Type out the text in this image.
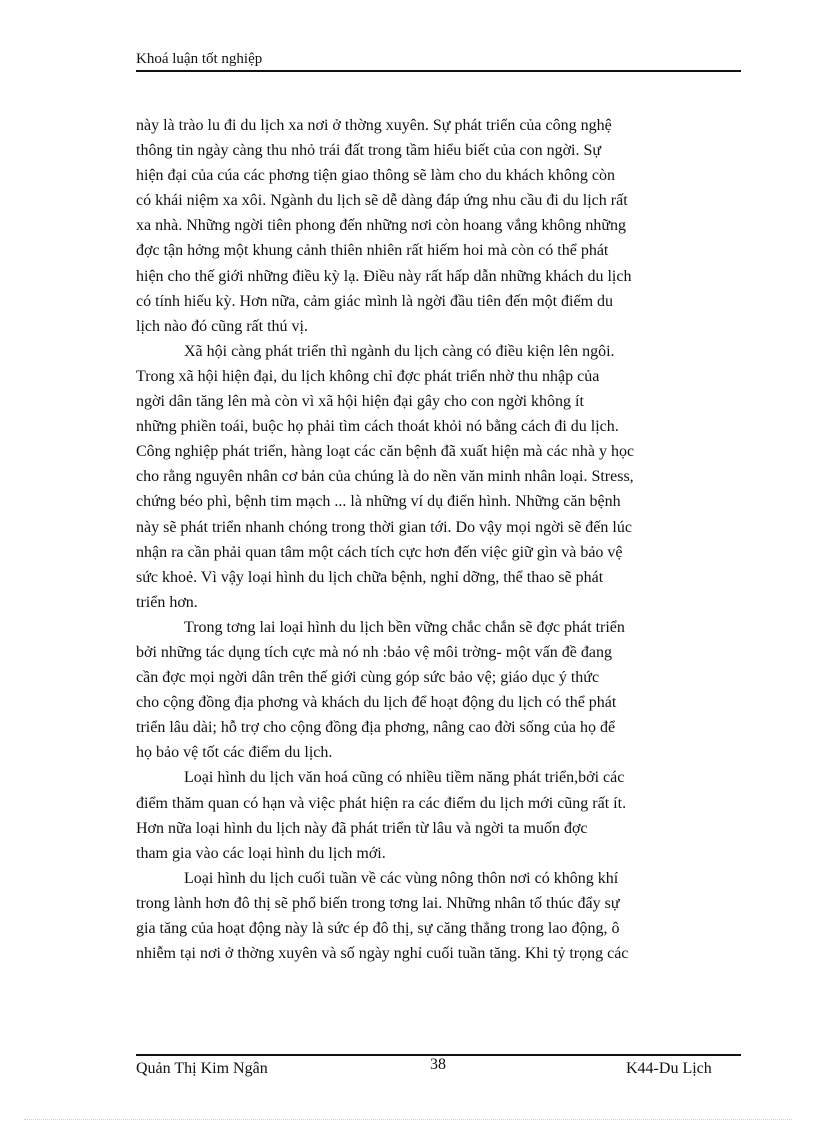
Khoá luận tốt nghiệp
này là trào lu đi du lịch xa nơi ở thờng xuyên. Sự phát triển của công nghệ
thông tin ngày càng thu nhỏ trái đất trong tầm hiểu biết của con ngời. Sự
hiện đại của cúa các phơng tiện giao thông sẽ làm cho du khách không còn
có khái niệm xa xôi. Ngành du lịch sẽ dễ dàng đáp ứng nhu cầu đi du lịch rất
xa nhà. Những ngời tiên phong đến những nơi còn hoang vắng không những
đợc tận hởng một khung cảnh thiên nhiên rất hiếm hoi mà còn có thể phát
hiện cho thế giới những điều kỳ lạ. Điều này rất hấp dẫn những khách du lịch
có tính hiếu kỳ. Hơn nữa, cảm giác mình là ngời đầu tiên đến một điểm du
lịch nào đó cũng rất thú vị.
Xã hội càng phát triển thì ngành du lịch càng có điều kiện lên ngôi.
Trong xã hội hiện đại, du lịch không chỉ đợc phát triển nhờ thu nhập của
ngời dân tăng lên mà còn vì xã hội hiện đại gây cho con ngời không ít
những phiền toái, buộc họ phải tìm cách thoát khỏi nó bằng cách đi du lịch.
Công nghiệp phát triển, hàng loạt các căn bệnh đã xuất hiện mà các nhà y học
cho rằng nguyên nhân cơ bản của chúng là do nền văn minh nhân loại. Stress,
chứng béo phì, bệnh tim mạch ... là những ví dụ điển hình. Những căn bệnh
này sẽ phát triển nhanh chóng trong thời gian tới. Do vậy mọi ngời sẽ đến lúc
nhận ra cần phải quan tâm một cách tích cực hơn đến việc giữ gìn và bảo vệ
sức khoẻ. Vì vậy loại hình du lịch chữa bệnh, nghỉ dỡng, thể thao sẽ phát
triển hơn.
Trong tơng lai loại hình du lịch bền vững chắc chắn sẽ đợc phát triển
bởi những tác dụng tích cực mà nó nh :bảo vệ môi trờng- một vấn đề đang
cần đợc mọi ngời dân trên thế giới cùng góp sức bảo vệ; giáo dục ý thức
cho cộng đồng địa phơng và khách du lịch để hoạt động du lịch có thể phát
triển lâu dài; hỗ trợ cho cộng đồng địa phơng, nâng cao đời sống của họ để
họ bảo vệ tốt các điểm du lịch.
Loại hình du lịch văn hoá cũng có nhiều tiềm năng phát triển,bởi các
điểm thăm quan có hạn và việc phát hiện ra các điểm du lịch mới cũng rất ít.
Hơn nữa loại hình du lịch này đã phát triển từ lâu và ngời ta muốn đợc
tham gia vào các loại hình du lịch mới.
Loại hình du lịch cuối tuần về các vùng nông thôn nơi có không khí
trong lành hơn đô thị sẽ phổ biến trong tơng lai. Những nhân tố thúc đẩy sự
gia tăng của hoạt động này là sức ép đô thị, sự căng thẳng trong lao động, ô
nhiễm tại nơi ở thờng xuyên và số ngày nghỉ cuối tuần tăng. Khi tỷ trọng các
Quản Thị Kim Ngân	38	K44-Du Lịch
